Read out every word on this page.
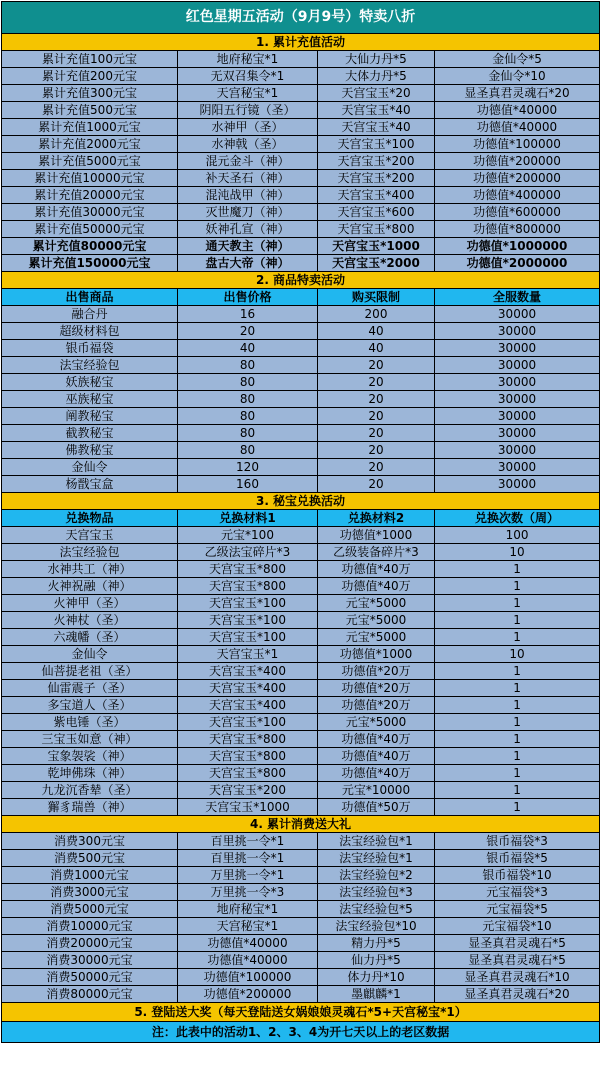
红色星期五活动（9月9号）特卖八折			
1. 累计充值活动			
累计充值100元宝	地府秘宝*1	大仙力丹*5	金仙令*5
累计充值200元宝	无双召集令*1	大体力丹*5	金仙令*10
累计充值300元宝	天宫秘宝*1	天宫宝玉*20	显圣真君灵魂石*20
累计充值500元宝	阴阳五行镜（圣）	天宫宝玉*40	功德值*40000
累计充值1000元宝	水神甲（圣）	天宫宝玉*40	功德值*40000
累计充值2000元宝	水神戟（圣）	天宫宝玉*100	功德值*100000
累计充值5000元宝	混元金斗（神）	天宫宝玉*200	功德值*200000
累计充值10000元宝	补天圣石（神）	天宫宝玉*200	功德值*200000
累计充值20000元宝	混沌战甲（神）	天宫宝玉*400	功德值*400000
累计充值30000元宝	灭世魔刀（神）	天宫宝玉*600	功德值*600000
累计充值50000元宝	妖神孔宣（神）	天宫宝玉*800	功德值*800000
累计充值80000元宝	通天教主（神）	天宫宝玉*1000	功德值*1000000
累计充值150000元宝	盘古大帝（神）	天宫宝玉*2000	功德值*2000000
2. 商品特卖活动			
出售商品	出售价格	购买限制	全服数量
融合丹	16	200	30000
超级材料包	20	40	30000
银币福袋	40	40	30000
法宝经验包	80	20	30000
妖族秘宝	80	20	30000
巫族秘宝	80	20	30000
阐教秘宝	80	20	30000
截教秘宝	80	20	30000
佛教秘宝	80	20	30000
金仙令	120	20	30000
杨戬宝盒	160	20	30000
3. 秘宝兑换活动			
兑换物品	兑换材料1	兑换材料2	兑换次数（周）
天宫宝玉	元宝*100	功德值*1000	100
法宝经验包	乙级法宝碎片*3	乙级装备碎片*3	10
水神共工（神）	天宫宝玉*800	功德值*40万	1
火神祝融（神）	天宫宝玉*800	功德值*40万	1
火神甲（圣）	天宫宝玉*100	元宝*5000	1
火神杖（圣）	天宫宝玉*100	元宝*5000	1
六魂幡（圣）	天宫宝玉*100	元宝*5000	1
金仙令	天宫宝玉*1	功德值*1000	10
仙菩提老祖（圣）	天宫宝玉*400	功德值*20万	1
仙雷震子（圣）	天宫宝玉*400	功德值*20万	1
多宝道人（圣）	天宫宝玉*400	功德值*20万	1
紫电锤（圣）	天宫宝玉*100	元宝*5000	1
三宝玉如意（神）	天宫宝玉*800	功德值*40万	1
宝象袈裟（神）	天宫宝玉*800	功德值*40万	1
乾坤佛珠（神）	天宫宝玉*800	功德值*40万	1
九龙沉香辇（圣）	天宫宝玉*200	元宝*10000	1
獬豸瑞兽（神）	天宫宝玉*1000	功德值*50万	1
4. 累计消费送大礼			
消费300元宝	百里挑一令*1	法宝经验包*1	银币福袋*3
消费500元宝	百里挑一令*1	法宝经验包*1	银币福袋*5
消费1000元宝	万里挑一令*1	法宝经验包*2	银币福袋*10
消费3000元宝	万里挑一令*3	法宝经验包*3	元宝福袋*3
消费5000元宝	地府秘宝*1	法宝经验包*5	元宝福袋*5
消费10000元宝	天宫秘宝*1	法宝经验包*10	元宝福袋*10
消费20000元宝	功德值*40000	精力丹*5	显圣真君灵魂石*5
消费30000元宝	功德值*40000	仙力丹*5	显圣真君灵魂石*5
消费50000元宝	功德值*100000	体力丹*10	显圣真君灵魂石*10
消费80000元宝	功德值*200000	墨麒麟*1	显圣真君灵魂石*20
5. 登陆送大奖（每天登陆送女娲娘娘灵魂石*5+天宫秘宝*1）			
注：此表中的活动1、2、3、4为开七天以上的老区数据			
